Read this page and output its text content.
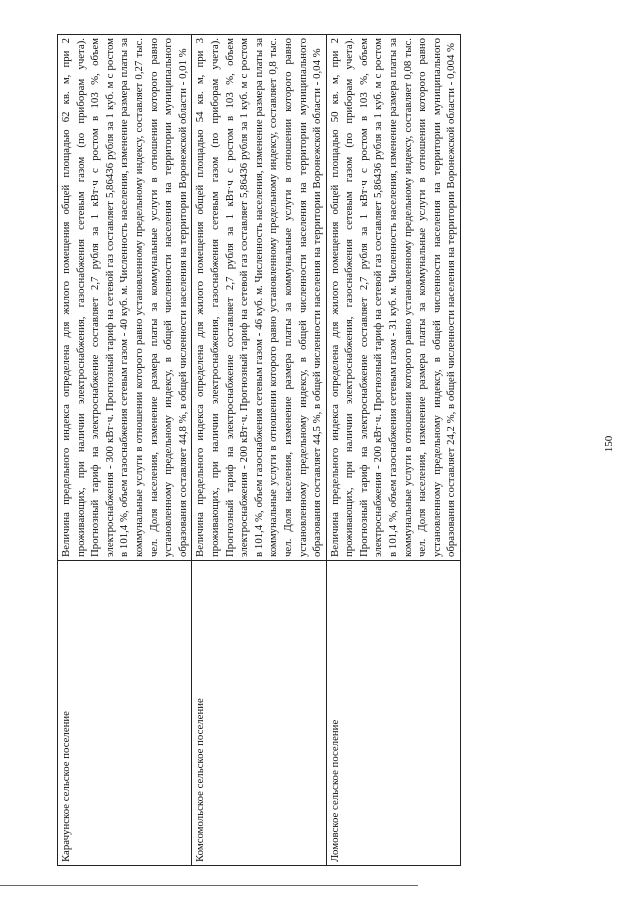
150
Карачунское сельское поселение	Величина предельного индекса определена для жилого помещения общей площадью 62 кв. м, при 2 проживающих, при наличии электроснабжения, газоснабжения сетевым газом (по приборам учета). Прогнозный тариф на электроснабжение составляет 2,7 рубля за 1 кВт·ч с ростом в 103 %, объем электроснабжения - 300 кВт·ч. Прогнозный тариф на сетевой газ составляет 5,86436 рубля за 1 куб. м с ростом в 101,4 %, объем газоснабжения сетевым газом - 40 куб. м. Численность населения, изменение размера платы за коммунальные услуги в отношении которого равно установленному предельному индексу, составляет 0,27 тыс. чел. Доля населения, изменение размера платы за коммунальные услуги в отношении которого равно установленному предельному индексу, в общей численности населения на территории муниципального образования составляет 44,8 %, в общей численности населения на территории Воронежской области - 0,01 %
Комсомольское сельское поселение	Величина предельного индекса определена для жилого помещения общей площадью 54 кв. м, при 3 проживающих, при наличии электроснабжения, газоснабжения сетевым газом (по приборам учета). Прогнозный тариф на электроснабжение составляет 2,7 рубля за 1 кВт·ч с ростом в 103 %, объем электроснабжения - 200 кВт·ч. Прогнозный тариф на сетевой газ составляет 5,86436 рубля за 1 куб. м с ростом в 101,4 %, объем газоснабжения сетевым газом - 46 куб. м. Численность населения, изменение размера платы за коммунальные услуги в отношении которого равно установленному предельному индексу, составляет 0,8 тыс. чел. Доля населения, изменение размера платы за коммунальные услуги в отношении которого равно установленному предельному индексу, в общей численности населения на территории муниципального образования составляет 44,5 %, в общей численности населения на территории Воронежской области - 0,04 %
Ломовское сельское поселение	Величина предельного индекса определена для жилого помещения общей площадью 50 кв. м, при 2 проживающих, при наличии электроснабжения, газоснабжения сетевым газом (по приборам учета). Прогнозный тариф на электроснабжение составляет 2,7 рубля за 1 кВт·ч с ростом в 103 %, объем электроснабжения - 200 кВт·ч. Прогнозный тариф на сетевой газ составляет 5,86436 рубля за 1 куб. м с ростом в 101,4 %, объем газоснабжения сетевым газом - 31 куб. м. Численность населения, изменение размера платы за коммунальные услуги в отношении которого равно установленному предельному индексу, составляет 0,08 тыс. чел. Доля населения, изменение размера платы за коммунальные услуги в отношении которого равно установленному предельному индексу, в общей численности населения на территории муниципального образования составляет 24,2 %, в общей численности населения на территории Воронежской области - 0,004 %
